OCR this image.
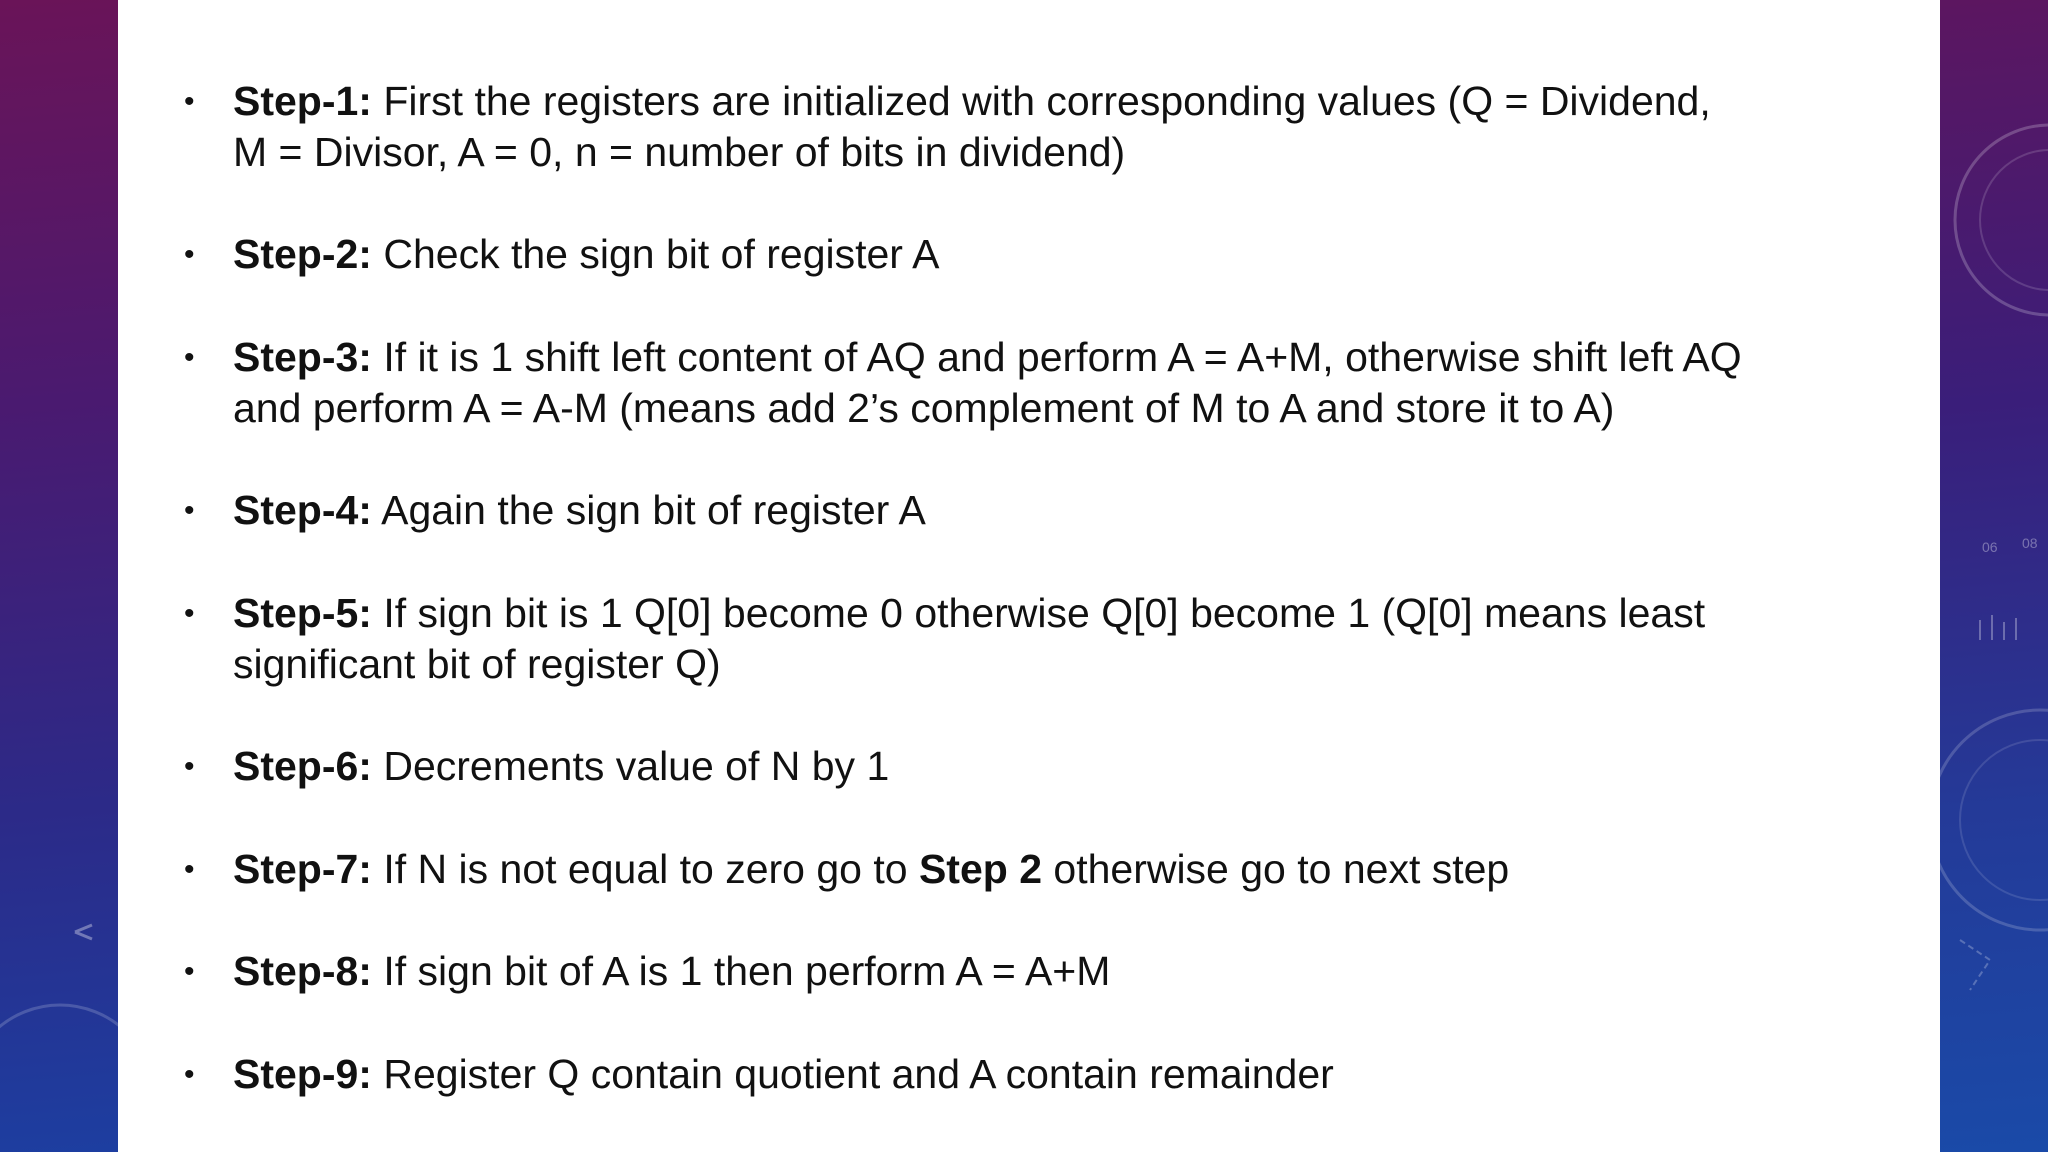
06 08
• Step-1: First the registers are initialized with corresponding values (Q = Dividend,
M = Divisor, A = 0, n = number of bits in dividend)
• Step-2: Check the sign bit of register A
• Step-3: If it is 1 shift left content of AQ and perform A = A+M, otherwise shift left AQ
and perform A = A-M (means add 2’s complement of M to A and store it to A)
• Step-4: Again the sign bit of register A
• Step-5: If sign bit is 1 Q[0] become 0 otherwise Q[0] become 1 (Q[0] means least
significant bit of register Q)
• Step-6: Decrements value of N by 1
• Step-7: If N is not equal to zero go to Step 2 otherwise go to next step
• Step-8: If sign bit of A is 1 then perform A = A+M
• Step-9: Register Q contain quotient and A contain remainder
